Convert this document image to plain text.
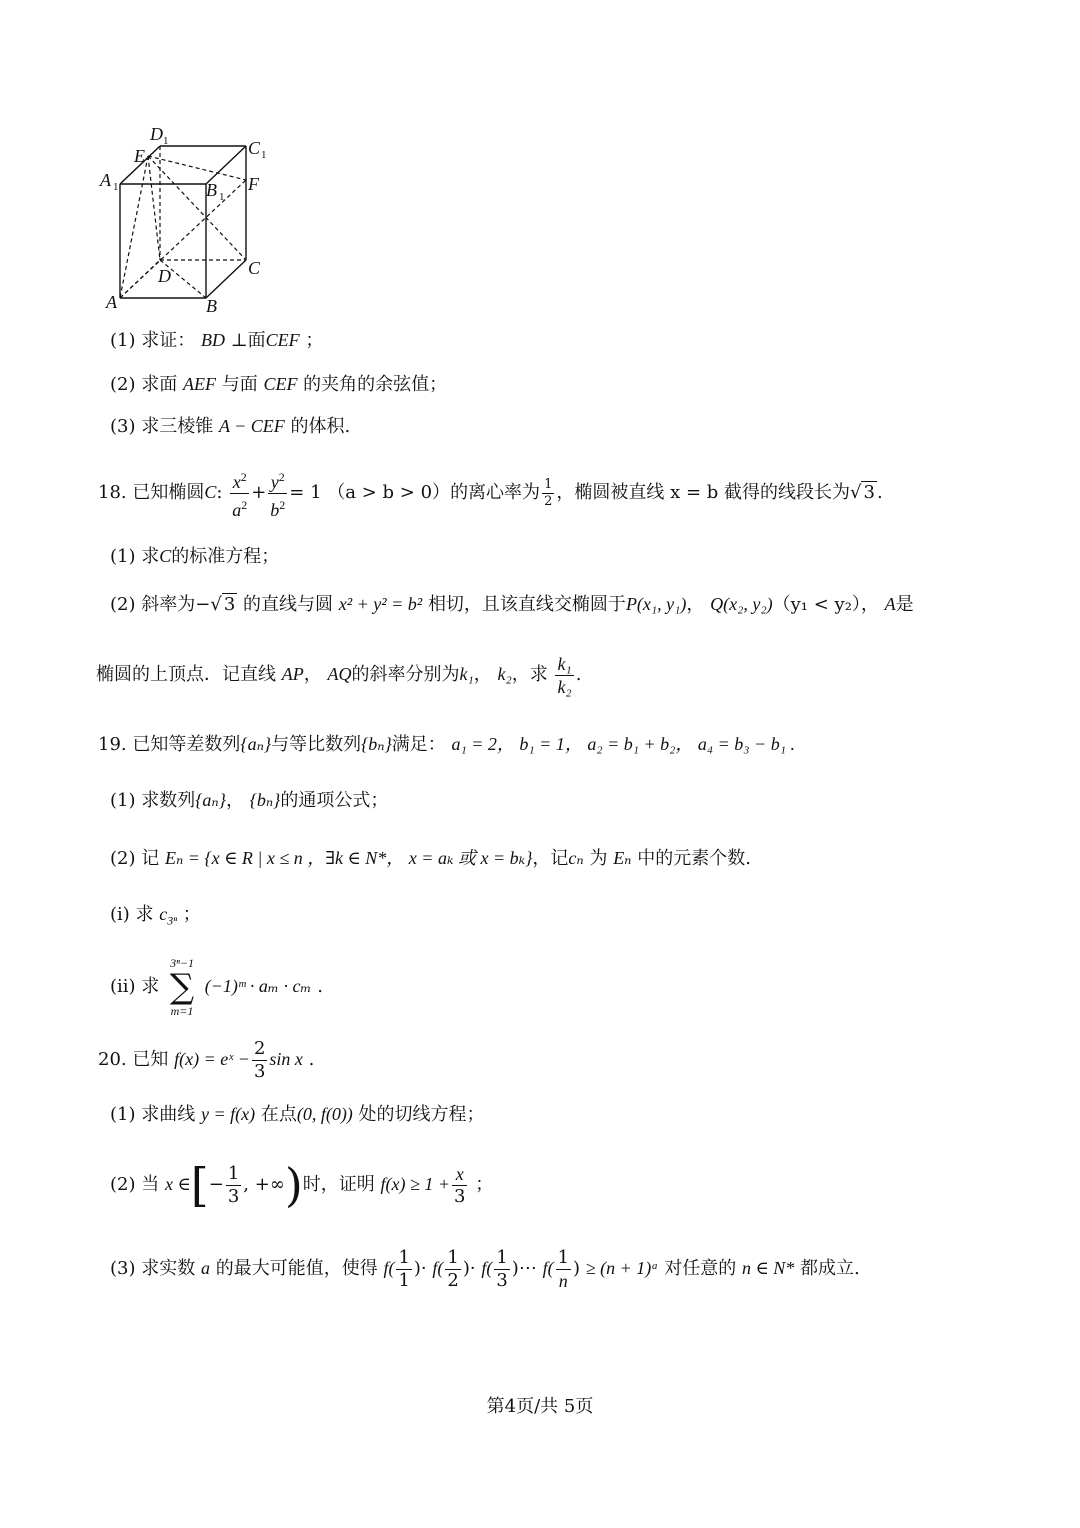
D 1	C 1
E
A 1	B 1
F
D	C
A	B
(1) 求证： BD ⊥面CEF ；
(2) 求面 AEF 与面 CEF 的夹角的余弦值；
(3) 求三棱锥 A − CEF 的体积.
18. 已知椭圆C: $\frac{x^2}{a^2} + \frac{y^2}{b^2} = 1$ （a > b > 0）的离心率为 $\frac{1}{2}$ ，椭圆被直线 x = b 截得的线段长为√ 3 .
(1) 求C的标准方程；
(2) 斜率为−√ 3 的直线与圆 x² + y² = b² 相切，且该直线交椭圆于P(x₁, y₁)， Q(x₂, y₂)（y₁ < y₂）， A是
椭圆的上顶点．记直线 AP， AQ的斜率分别为k₁， k₂，求 $\frac{\text{k₁}}{\text{k₂}}$ .
19. 已知等差数列{aₙ}与等比数列{bₙ}满足： a₁ = 2， b₁ = 1， a₂ = b₁ + b₂， a₄ = b₃ − b₁ .
(1) 求数列{aₙ}， {bₙ}的通项公式；
(2) 记 Eₙ = {x ∈ R | x ≤ n ，∃k ∈ N*， x = aₖ 或 x = bₖ}，记cₙ 为 Eₙ 中的元素个数.
(i) 求 $c_{3^n}$ ；
(ii) 求
3ⁿ−1
∑
m=1
(−1)ᵐ · aₘ · cₘ .
20. 已知 f(x) = eˣ − $\frac{2}{3}$ sin x .
(1) 求曲线 y = f(x) 在点(0, f(0)) 处的切线方程；
(2) 当 x ∈[− $\frac{1}{3}$ , +∞)时，证明 $f(x) \ge 1 + \frac{x}{3}$ ；
(3) 求实数 a 的最大可能值，使得 $f( \frac{1}{1}$ )· $f( \frac{1}{2}$ )· $f( \frac{1}{3}$ )⋯ $f( \frac{1}{n}$ ) ≥ (n + 1)ᵃ 对任意的 n ∈ N* 都成立.
第4页/共 5页
